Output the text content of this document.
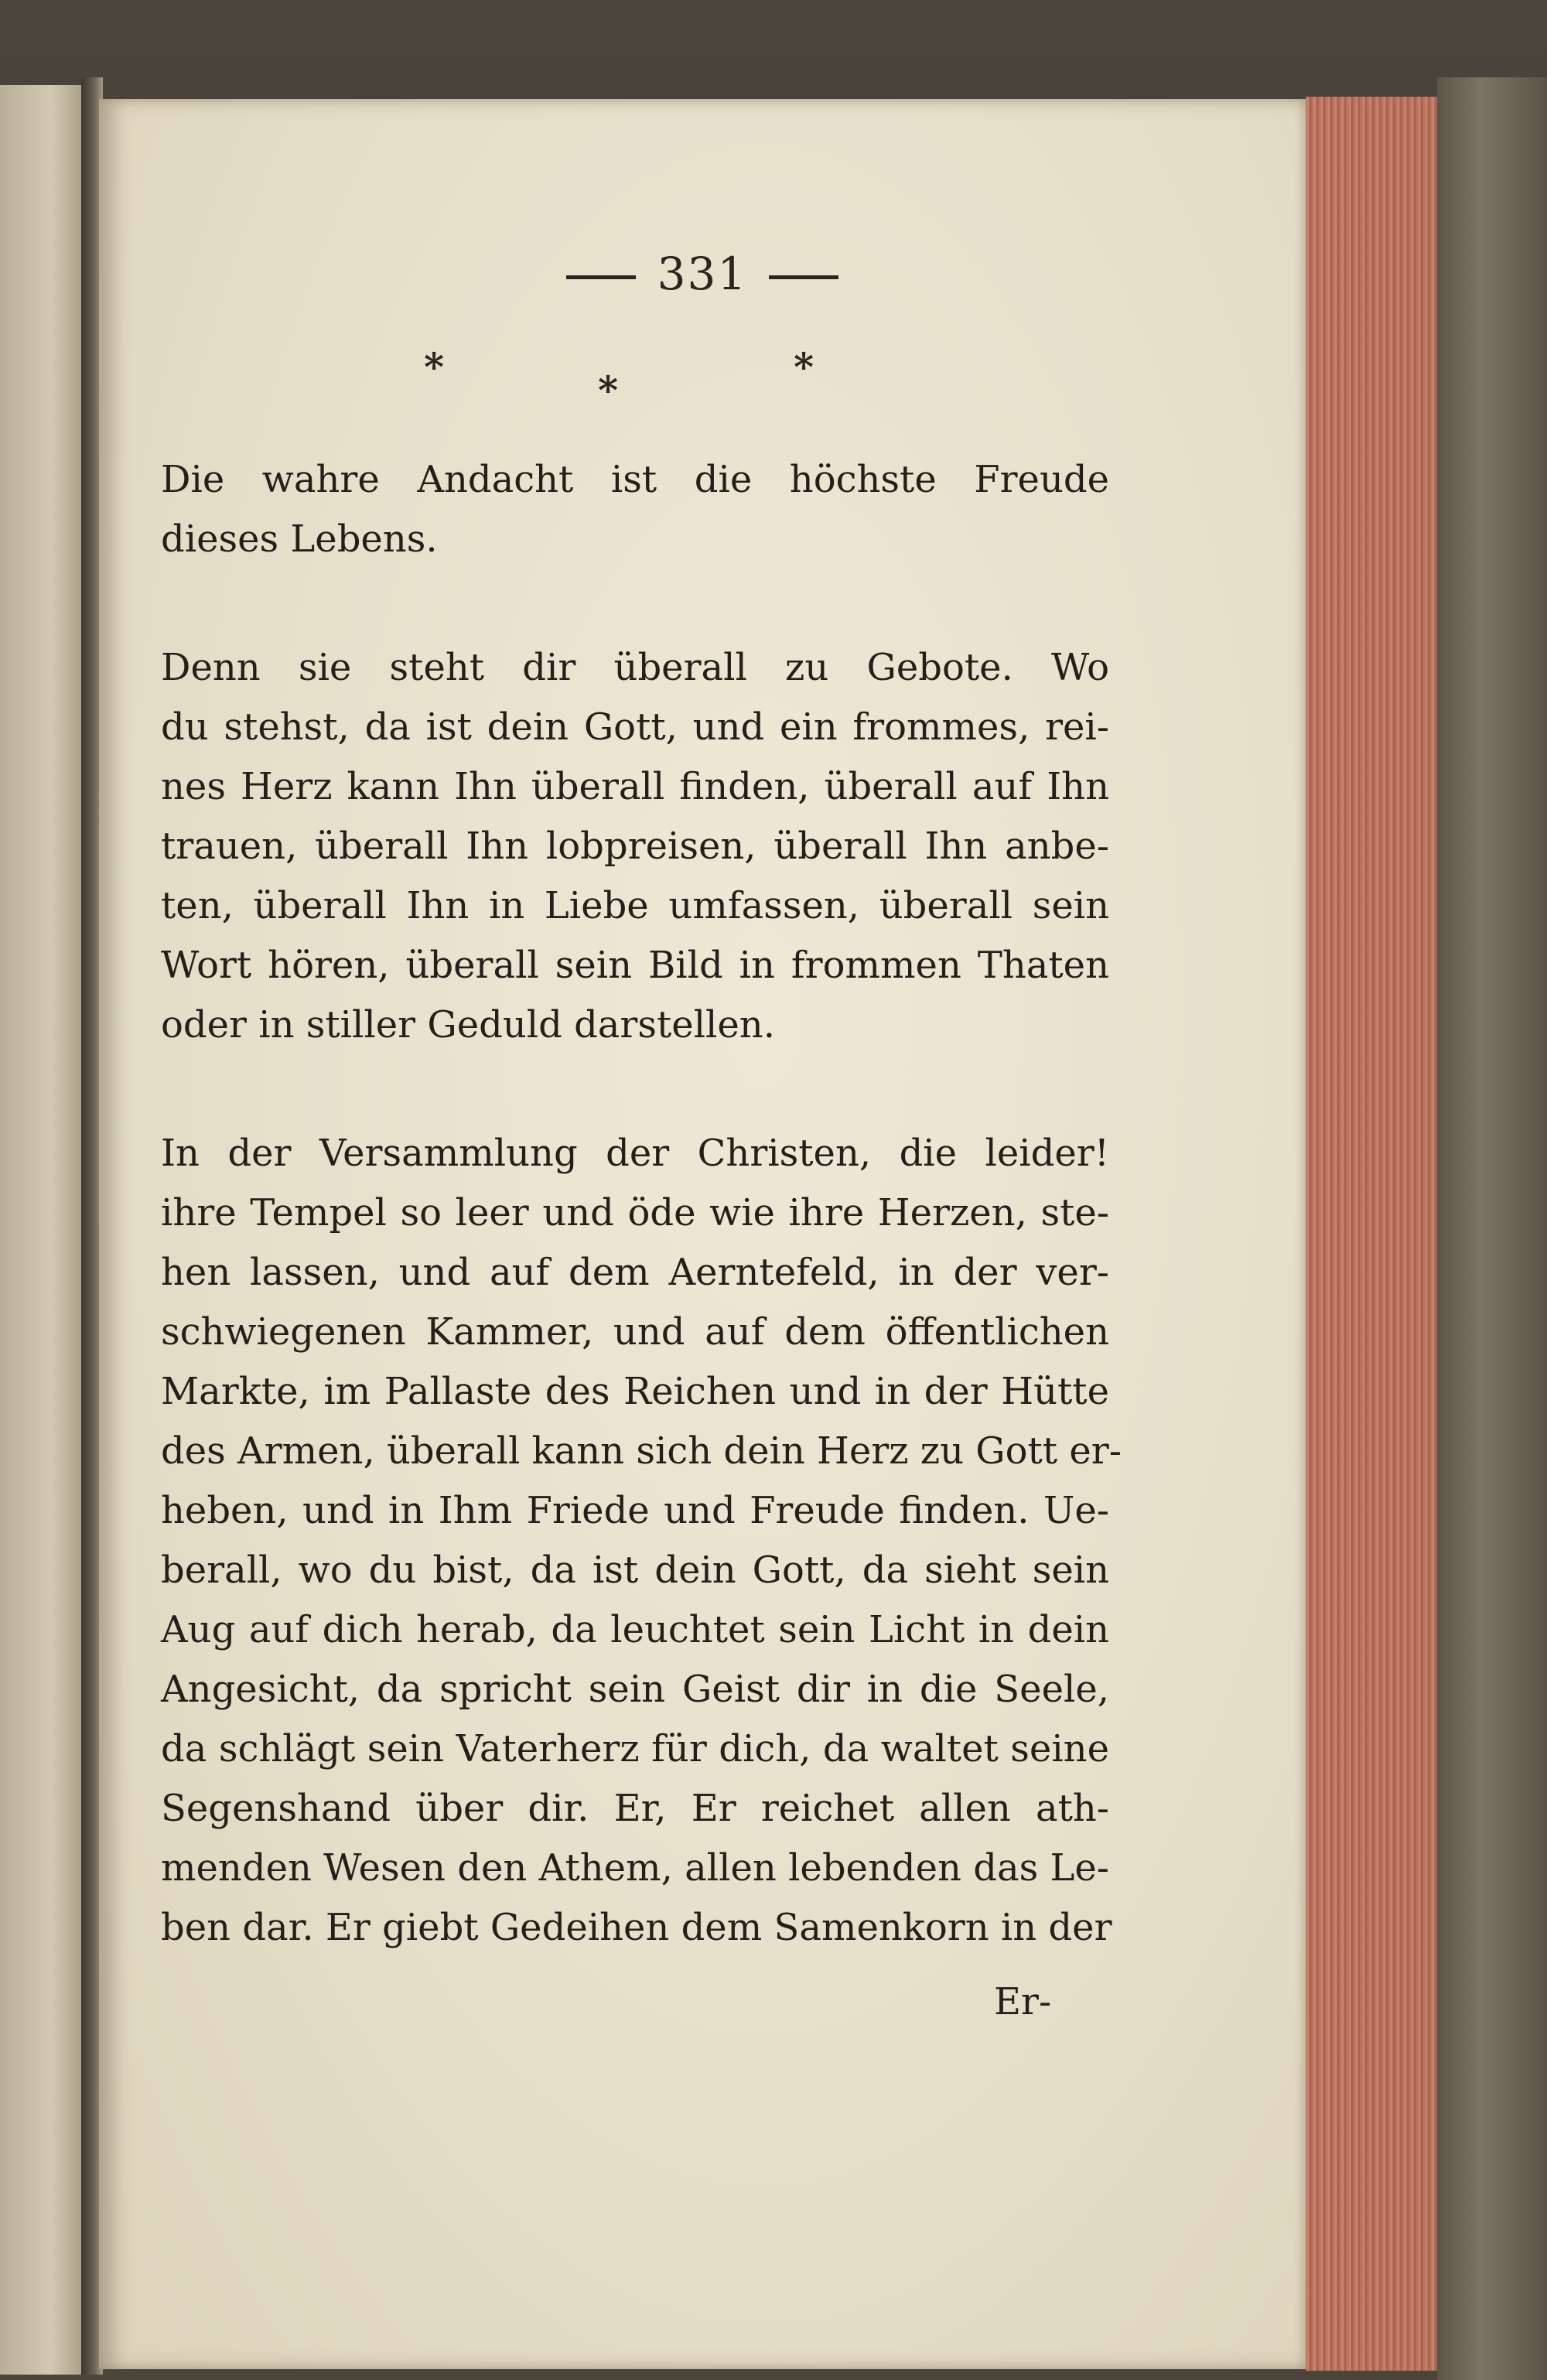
331
*
*
*
Die wahre Andacht ist die höchste Freude
dieses Lebens.
Denn sie steht dir überall zu Gebote. Wo
du stehst, da ist dein Gott, und ein frommes, rei-
nes Herz kann Ihn überall finden, überall auf Ihn
trauen, überall Ihn lobpreisen, überall Ihn anbe-
ten, überall Ihn in Liebe umfassen, überall sein
Wort hören, überall sein Bild in frommen Thaten
oder in stiller Geduld darstellen.
In der Versammlung der Christen, die leider!
ihre Tempel so leer und öde wie ihre Herzen, ste-
hen lassen, und auf dem Aerntefeld, in der ver-
schwiegenen Kammer, und auf dem öffentlichen
Markte, im Pallaste des Reichen und in der Hütte
des Armen, überall kann sich dein Herz zu Gott er-
heben, und in Ihm Friede und Freude finden. Ue-
berall, wo du bist, da ist dein Gott, da sieht sein
Aug auf dich herab, da leuchtet sein Licht in dein
Angesicht, da spricht sein Geist dir in die Seele,
da schlägt sein Vaterherz für dich, da waltet seine
Segenshand über dir. Er, Er reichet allen ath-
menden Wesen den Athem, allen lebenden das Le-
ben dar. Er giebt Gedeihen dem Samenkorn in der
Er-
